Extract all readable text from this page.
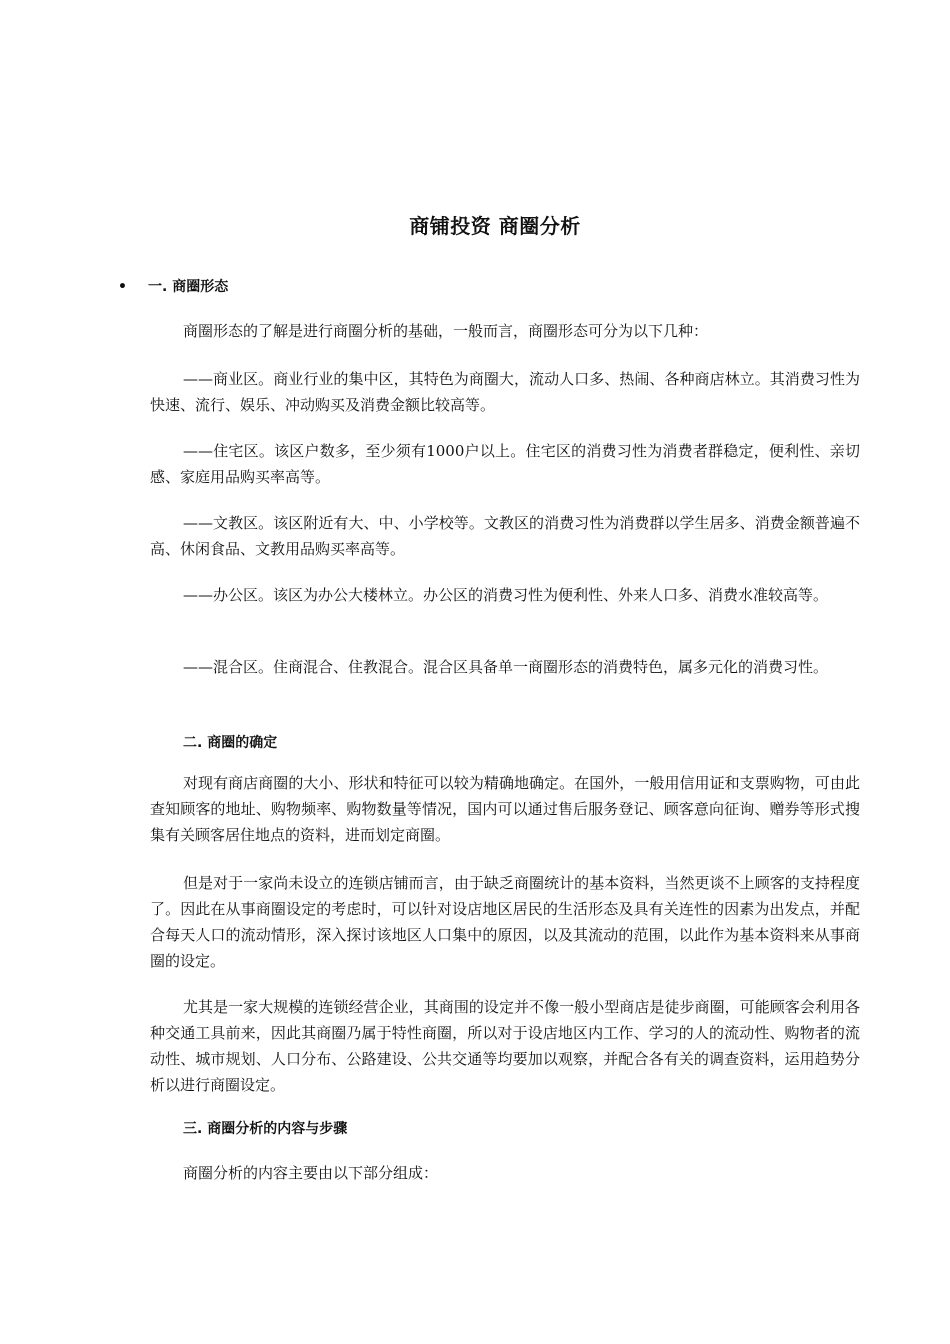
商铺投资 商圈分析
• 一. 商圈形态

商圈形态的了解是进行商圈分析的基础，一般而言，商圈形态可分为以下几种：

——商业区。商业行业的集中区，其特色为商圈大，流动人口多、热闹、各种商店林立。其消费习性为快速、流行、娱乐、冲动购买及消费金额比较高等。

——住宅区。该区户数多，至少须有1000户以上。住宅区的消费习性为消费者群稳定，便利性、亲切感、家庭用品购买率高等。

——文教区。该区附近有大、中、小学校等。文教区的消费习性为消费群以学生居多、消费金额普遍不高、休闲食品、文教用品购买率高等。

——办公区。该区为办公大楼林立。办公区的消费习性为便利性、外来人口多、消费水准较高等。

——混合区。住商混合、住教混合。混合区具备单一商圈形态的消费特色，属多元化的消费习性。

二. 商圈的确定

对现有商店商圈的大小、形状和特征可以较为精确地确定。在国外，一般用信用证和支票购物，可由此查知顾客的地址、购物频率、购物数量等情况，国内可以通过售后服务登记、顾客意向征询、赠券等形式搜集有关顾客居住地点的资料，进而划定商圈。

但是对于一家尚未设立的连锁店铺而言，由于缺乏商圈统计的基本资料，当然更谈不上顾客的支持程度了。因此在从事商圈设定的考虑时，可以针对设店地区居民的生活形态及具有关连性的因素为出发点，并配合每天人口的流动情形，深入探讨该地区人口集中的原因，以及其流动的范围，以此作为基本资料来从事商圈的设定。

尤其是一家大规模的连锁经营企业，其商围的设定并不像一般小型商店是徒步商圈，可能顾客会利用各种交通工具前来，因此其商圈乃属于特性商圈，所以对于设店地区内工作、学习的人的流动性、购物者的流动性、城市规划、人口分布、公路建设、公共交通等均要加以观察，并配合各有关的调查资料，运用趋势分析以进行商圈设定。

三. 商圈分析的内容与步骤

商圈分析的内容主要由以下部分组成：
